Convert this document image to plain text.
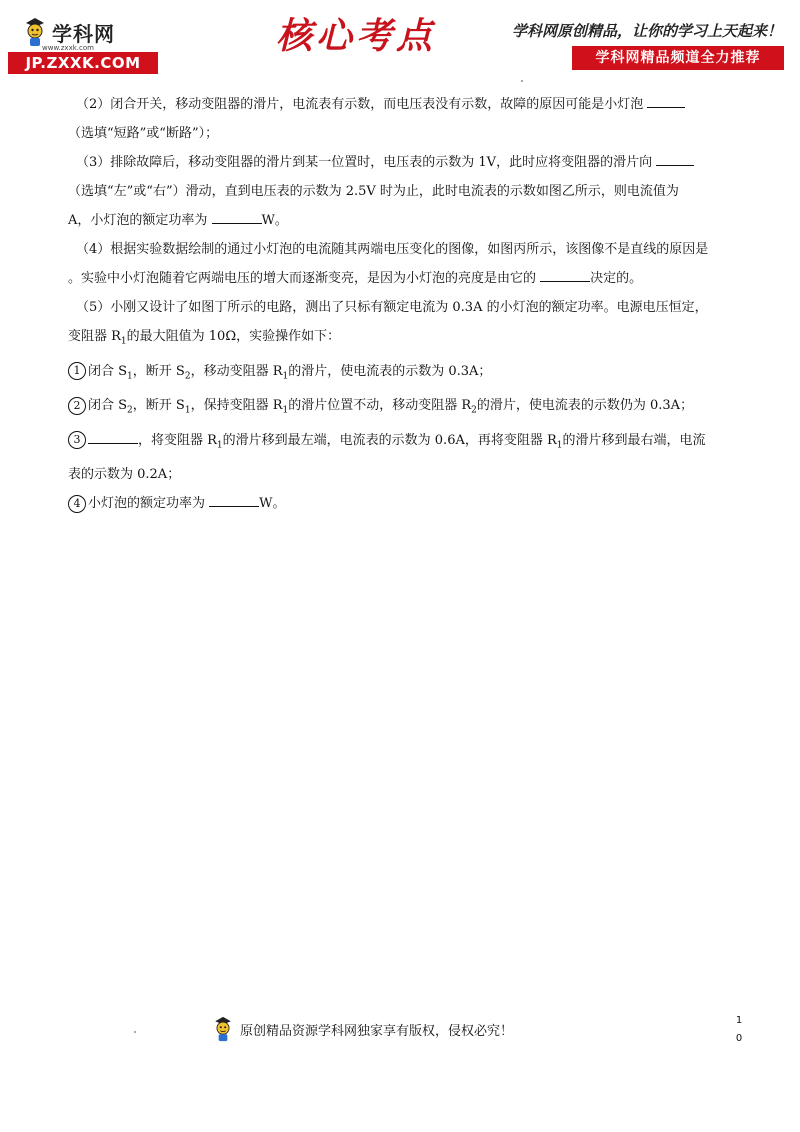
学科网
www.zxxk.com
JP.ZXXK.COM
核心考点	学科网原创精品，让你的学习上天起来！
学科网精品频道全力推荐
（2）闭合开关，移动变阻器的滑片，电流表有示数，而电压表没有示数，故障的原因可能是小灯泡
（选填“短路”或“断路”）；
（3）排除故障后，移动变阻器的滑片到某一位置时，电压表的示数为 1V，此时应将变阻器的滑片向
（选填“左”或“右”）滑动，直到电压表的示数为 2.5V 时为止，此时电流表的示数如图乙所示，则电流值为
A，小灯泡的额定功率为	W。
（4）根据实验数据绘制的通过小灯泡的电流随其两端电压变化的图像，如图丙所示，该图像不是直线的原因是
。实验中小灯泡随着它两端电压的增大而逐渐变亮，是因为小灯泡的亮度是由它的	决定的。
（5）小刚又设计了如图丁所示的电路，测出了只标有额定电流为 0.3A 的小灯泡的额定功率。电源电压恒定，
变阻器 $R_1$的最大阻值为 10Ω，实验操作如下：
1 闭合 $S_1$，断开 $S_2$，移动变阻器 $R_1$的滑片，使电流表的示数为 0.3A；
2 闭合 $S_2$，断开 $S_1$，保持变阻器 $R_1$的滑片位置不动，移动变阻器 $R_2$的滑片，使电流表的示数仍为 0.3A；
3	，将变阻器 $R_1$的滑片移到最左端，电流表的示数为 0.6A，再将变阻器 $R_1$的滑片移到最右端，电流
表的示数为 0.2A；
4 小灯泡的额定功率为	W。
原创精品资源学科网独家享有版权，侵权必究！
1
0
